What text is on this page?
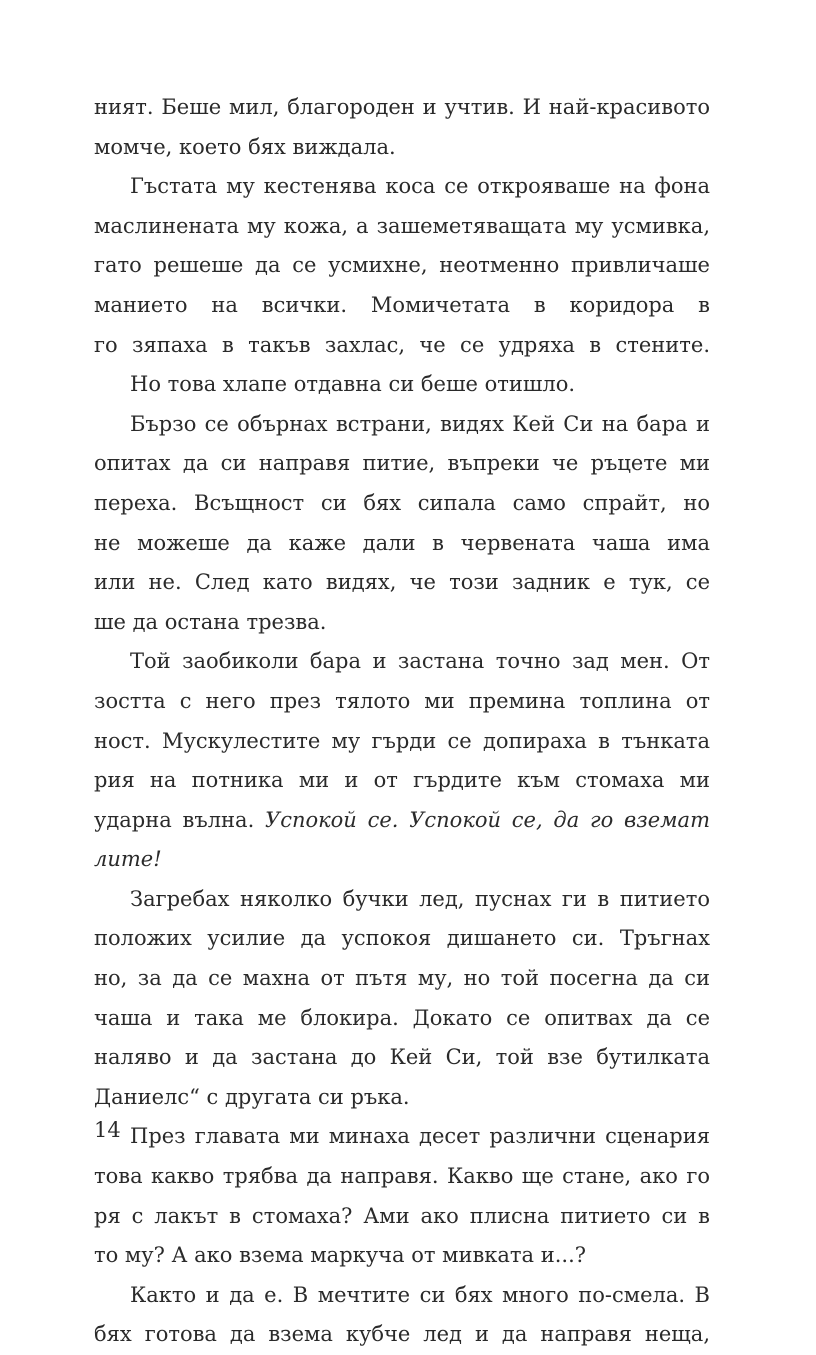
ният. Беше мил, благороден и учтив. И най-красивото
момче, което бях виждала.
Гъстата му кестенява коса се открояваше на фона
маслинената му кожа, а зашеметяващата му усмивка,
гато решеше да се усмихне, неотменно привличаше
манието на всички. Момичетата в коридора в
го зяпаха в такъв захлас, че се удряха в стените.
Но това хлапе отдавна си беше отишло.
Бързо се обърнах встрани, видях Кей Си на бара и
опитах да си направя питие, въпреки че ръцете ми
переха. Всъщност си бях сипала само спрайт, но
не можеше да каже дали в червената чаша има
или не. След като видях, че този задник е тук, се
ше да остана трезва.
Той заобиколи бара и застана точно зад мен. От
зостта с него през тялото ми премина топлина от
ност. Мускулестите му гърди се допираха в тънката
рия на потника ми и от гърдите към стомаха ми
ударна вълна. Успокой се. Успокой се, да го вземат
лите!
Загребах няколко бучки лед, пуснах ги в питието
положих усилие да успокоя дишането си. Тръгнах
но, за да се махна от пътя му, но той посегна да си
чаша и така ме блокира. Докато се опитвах да се
наляво и да застана до Кей Си, той взе бутилката
Даниелс“ с другата си ръка.
През главата ми минаха десет различни сценария
това какво трябва да направя. Какво ще стане, ако го
ря с лакът в стомаха? Ами ако плисна питието си в
то му? А ако взема маркуча от мивката и...?
Както и да е. В мечтите си бях много по-смела. В
бях готова да взема кубче лед и да направя неща,
14
